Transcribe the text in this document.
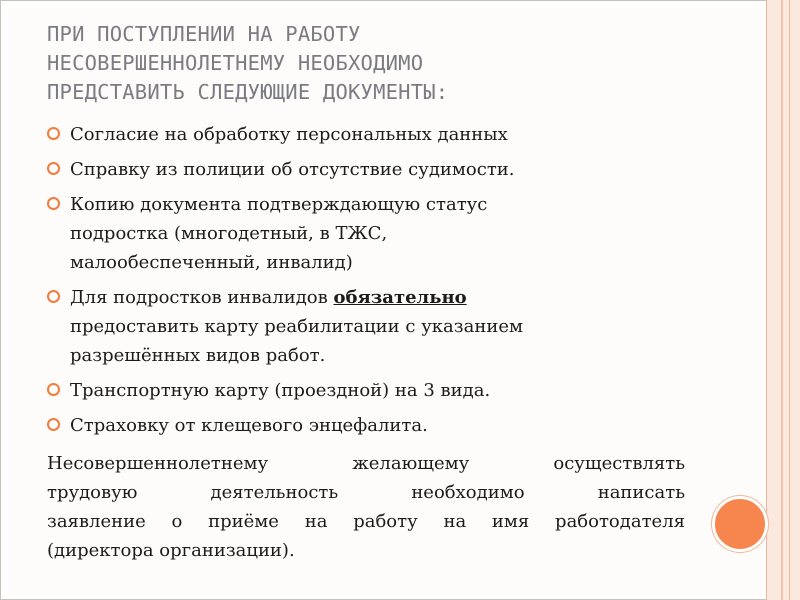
ПРИ ПОСТУПЛЕНИИ НА РАБОТУ
НЕСОВЕРШЕННОЛЕТНЕМУ НЕОБХОДИМО
ПРЕДСТАВИТЬ СЛЕДУЮЩИЕ ДОКУМЕНТЫ:
Согласие на обработку персональных данных
Справку из полиции об отсутствие судимости.
Копию документа подтверждающую статус
подростка (многодетный, в ТЖС,
малообеспеченный, инвалид)
Для подростков инвалидов обязательно
предоставить карту реабилитации с указанием
разрешённых видов работ.
Транспортную карту (проездной) на 3 вида.
Страховку от клещевого энцефалита.

Несовершеннолетнему желающему осуществлять
трудовую деятельность необходимо написать
заявление о приёме на работу на имя работодателя
(директора организации).
